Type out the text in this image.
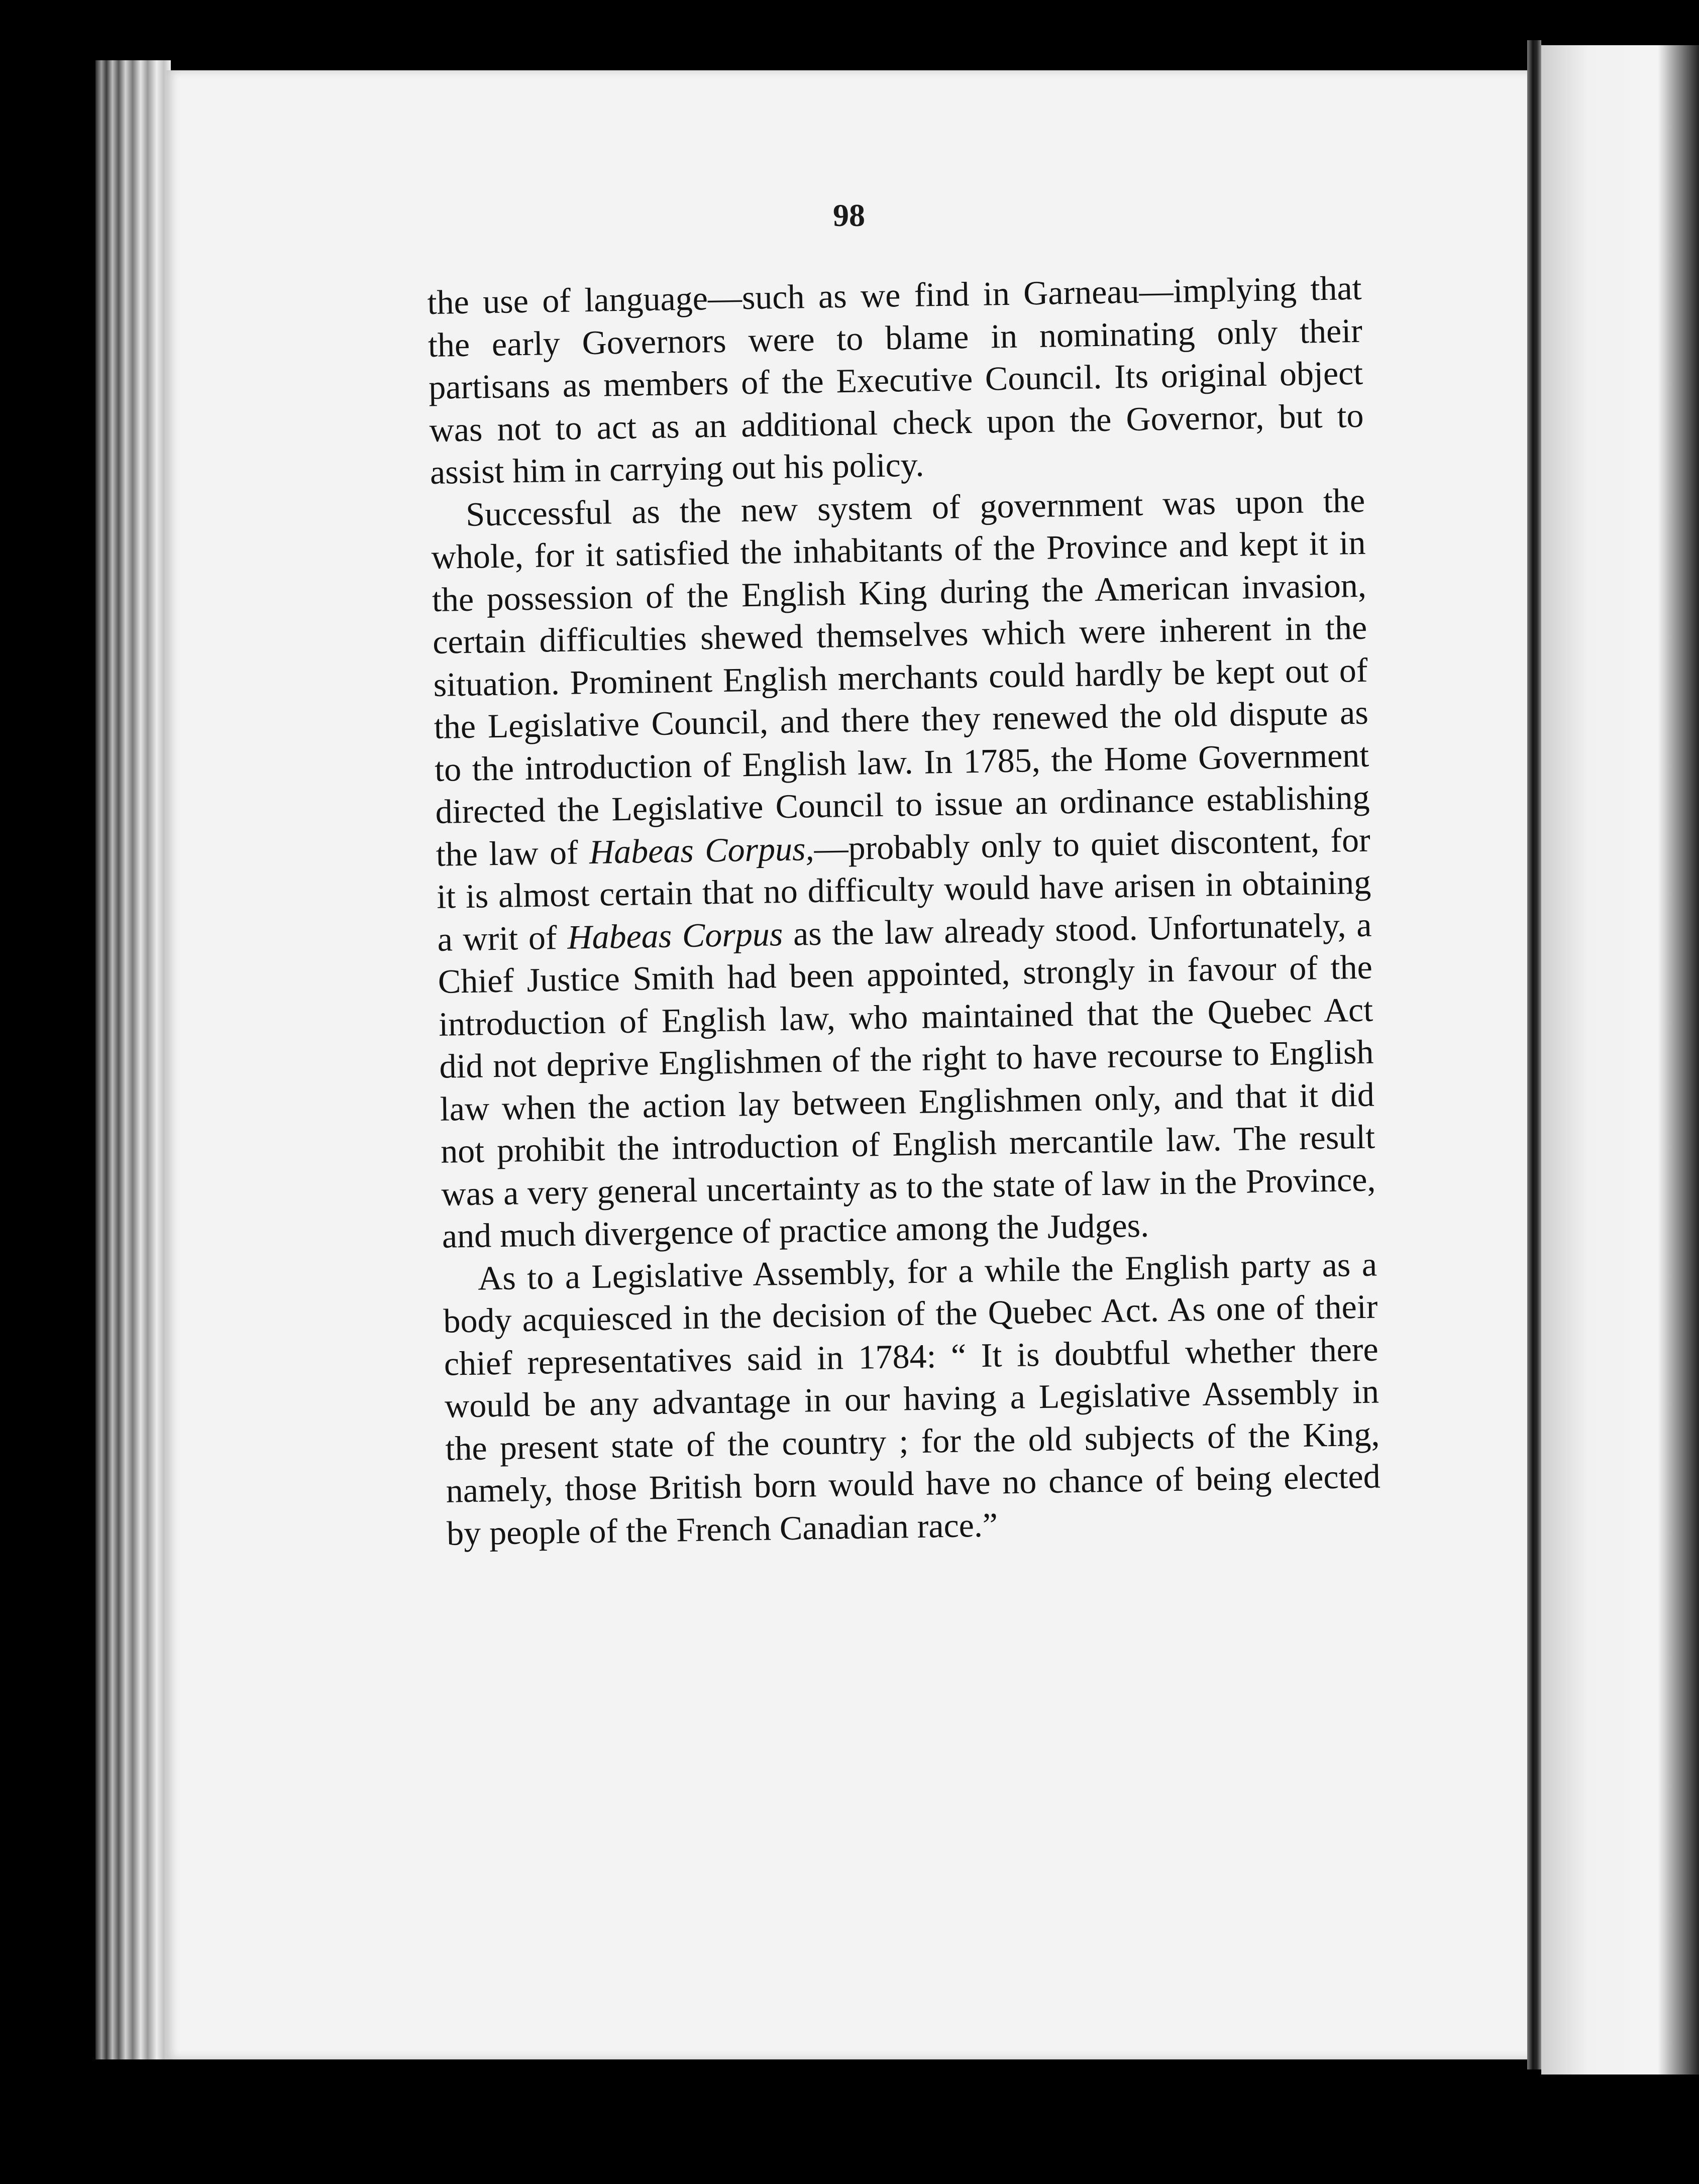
98

the use of language—such as we find in Garneau—implying that the early Governors were to blame in nominating only their partisans as members of the Executive Council. Its original object was not to act as an additional check upon the Governor, but to assist him in carrying out his policy.

Successful as the new system of government was upon the whole, for it satisfied the inhabitants of the Province and kept it in the possession of the English King during the American invasion, certain difficulties shewed themselves which were inherent in the situation. Prominent English merchants could hardly be kept out of the Legislative Council, and there they renewed the old dispute as to the introduction of English law. In 1785, the Home Government directed the Legislative Council to issue an ordinance establishing the law of Habeas Corpus,—probably only to quiet discontent, for it is almost certain that no difficulty would have arisen in obtaining a writ of Habeas Corpus as the law already stood. Unfortunately, a Chief Justice Smith had been appointed, strongly in favour of the introduction of English law, who maintained that the Quebec Act did not deprive Englishmen of the right to have recourse to English law when the action lay between Englishmen only, and that it did not prohibit the introduction of English mercantile law. The result was a very general uncertainty as to the state of law in the Province, and much divergence of practice among the Judges.

As to a Legislative Assembly, for a while the English party as a body acquiesced in the decision of the Quebec Act. As one of their chief representatives said in 1784: “ It is doubtful whether there would be any advantage in our having a Legislative Assembly in the present state of the country ; for the old subjects of the King, namely, those British born would have no chance of being elected by people of the French Canadian race.”
